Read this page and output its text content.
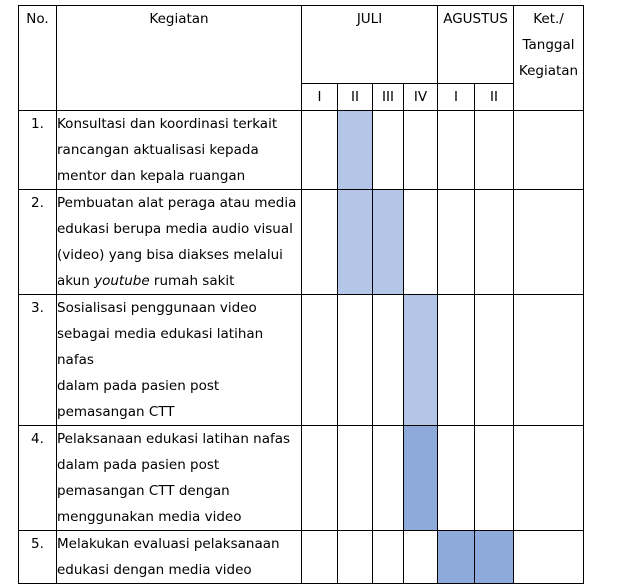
No.	Kegiatan	JULI				AGUSTUS		Ket./
Tanggal
Kegiatan

		I	II	III	IV	I	II	
1.	Konsultasi dan koordinasi terkait
rancangan aktualisasi kepada
mentor dan kepala ruangan							

2.	Pembuatan alat peraga atau media
edukasi berupa media audio visual
(video) yang bisa diakses melalui
akun youtube rumah sakit							

3.	Sosialisasi penggunaan video
sebagai media edukasi latihan nafas
dalam pada pasien post
pemasangan CTT							

4.	Pelaksanaan edukasi latihan nafas
dalam pada pasien post
pemasangan CTT dengan
menggunakan media video							

5.	Melakukan evaluasi pelaksanaan
edukasi dengan media video							
